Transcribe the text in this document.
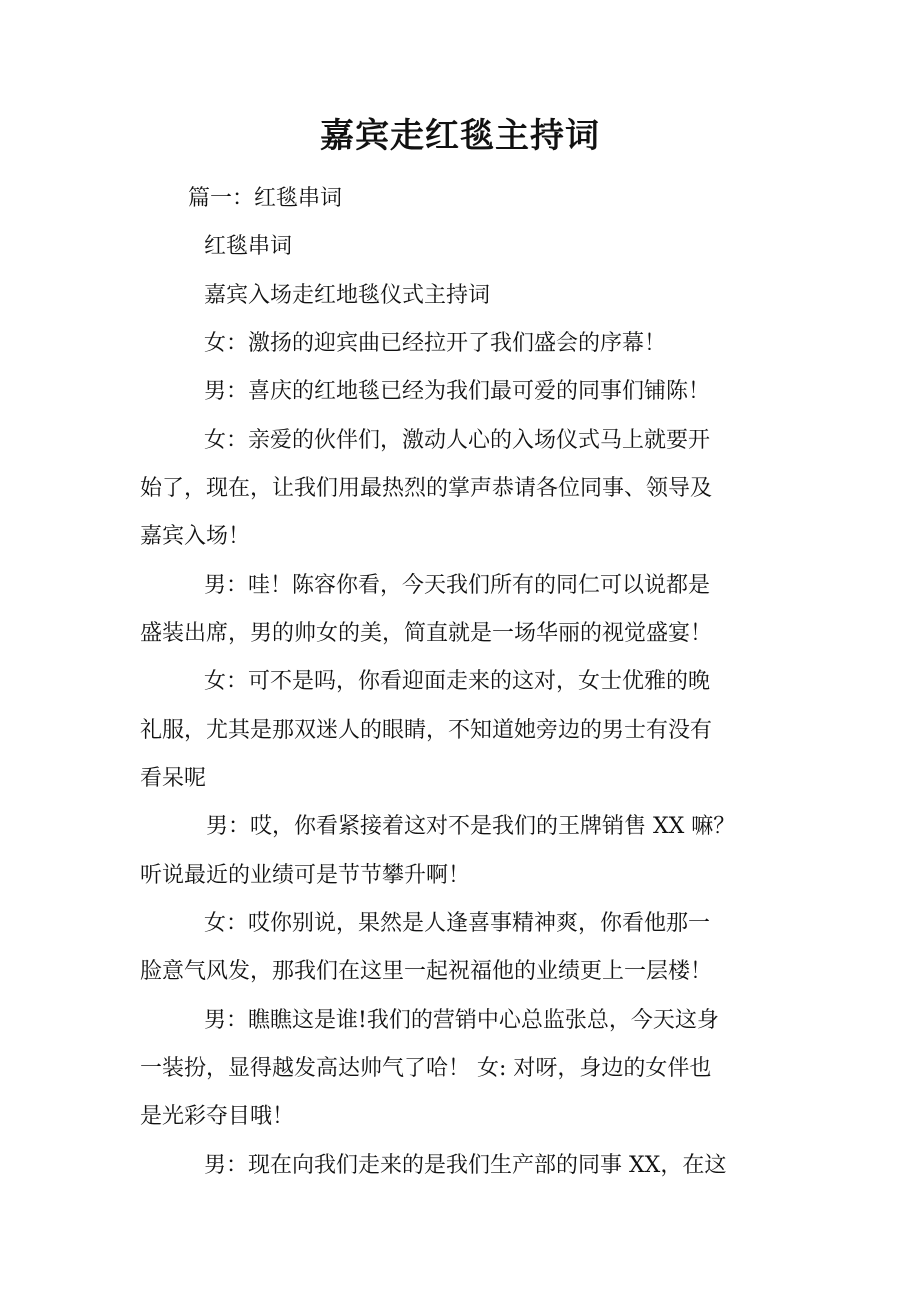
嘉宾走红毯主持词

篇一：红毯串词

红毯串词

嘉宾入场走红地毯仪式主持词

女：激扬的迎宾曲已经拉开了我们盛会的序幕！

男：喜庆的红地毯已经为我们最可爱的同事们铺陈！

女：亲爱的伙伴们，激动人心的入场仪式马上就要开

始了，现在，让我们用最热烈的掌声恭请各位同事、领导及

嘉宾入场！

男：哇！陈容你看，今天我们所有的同仁可以说都是

盛装出席，男的帅女的美，简直就是一场华丽的视觉盛宴！

女：可不是吗，你看迎面走来的这对，女士优雅的晚

礼服，尤其是那双迷人的眼睛，不知道她旁边的男士有没有

看呆呢

男：哎，你看紧接着这对不是我们的王牌销售 XX 嘛？

听说最近的业绩可是节节攀升啊！

女：哎你别说，果然是人逢喜事精神爽，你看他那一

脸意气风发，那我们在这里一起祝福他的业绩更上一层楼！

男：瞧瞧这是谁!我们的营销中心总监张总，今天这身

一装扮，显得越发高达帅气了哈！ 女: 对呀，身边的女伴也

是光彩夺目哦！

男：现在向我们走来的是我们生产部的同事 XX，在这
